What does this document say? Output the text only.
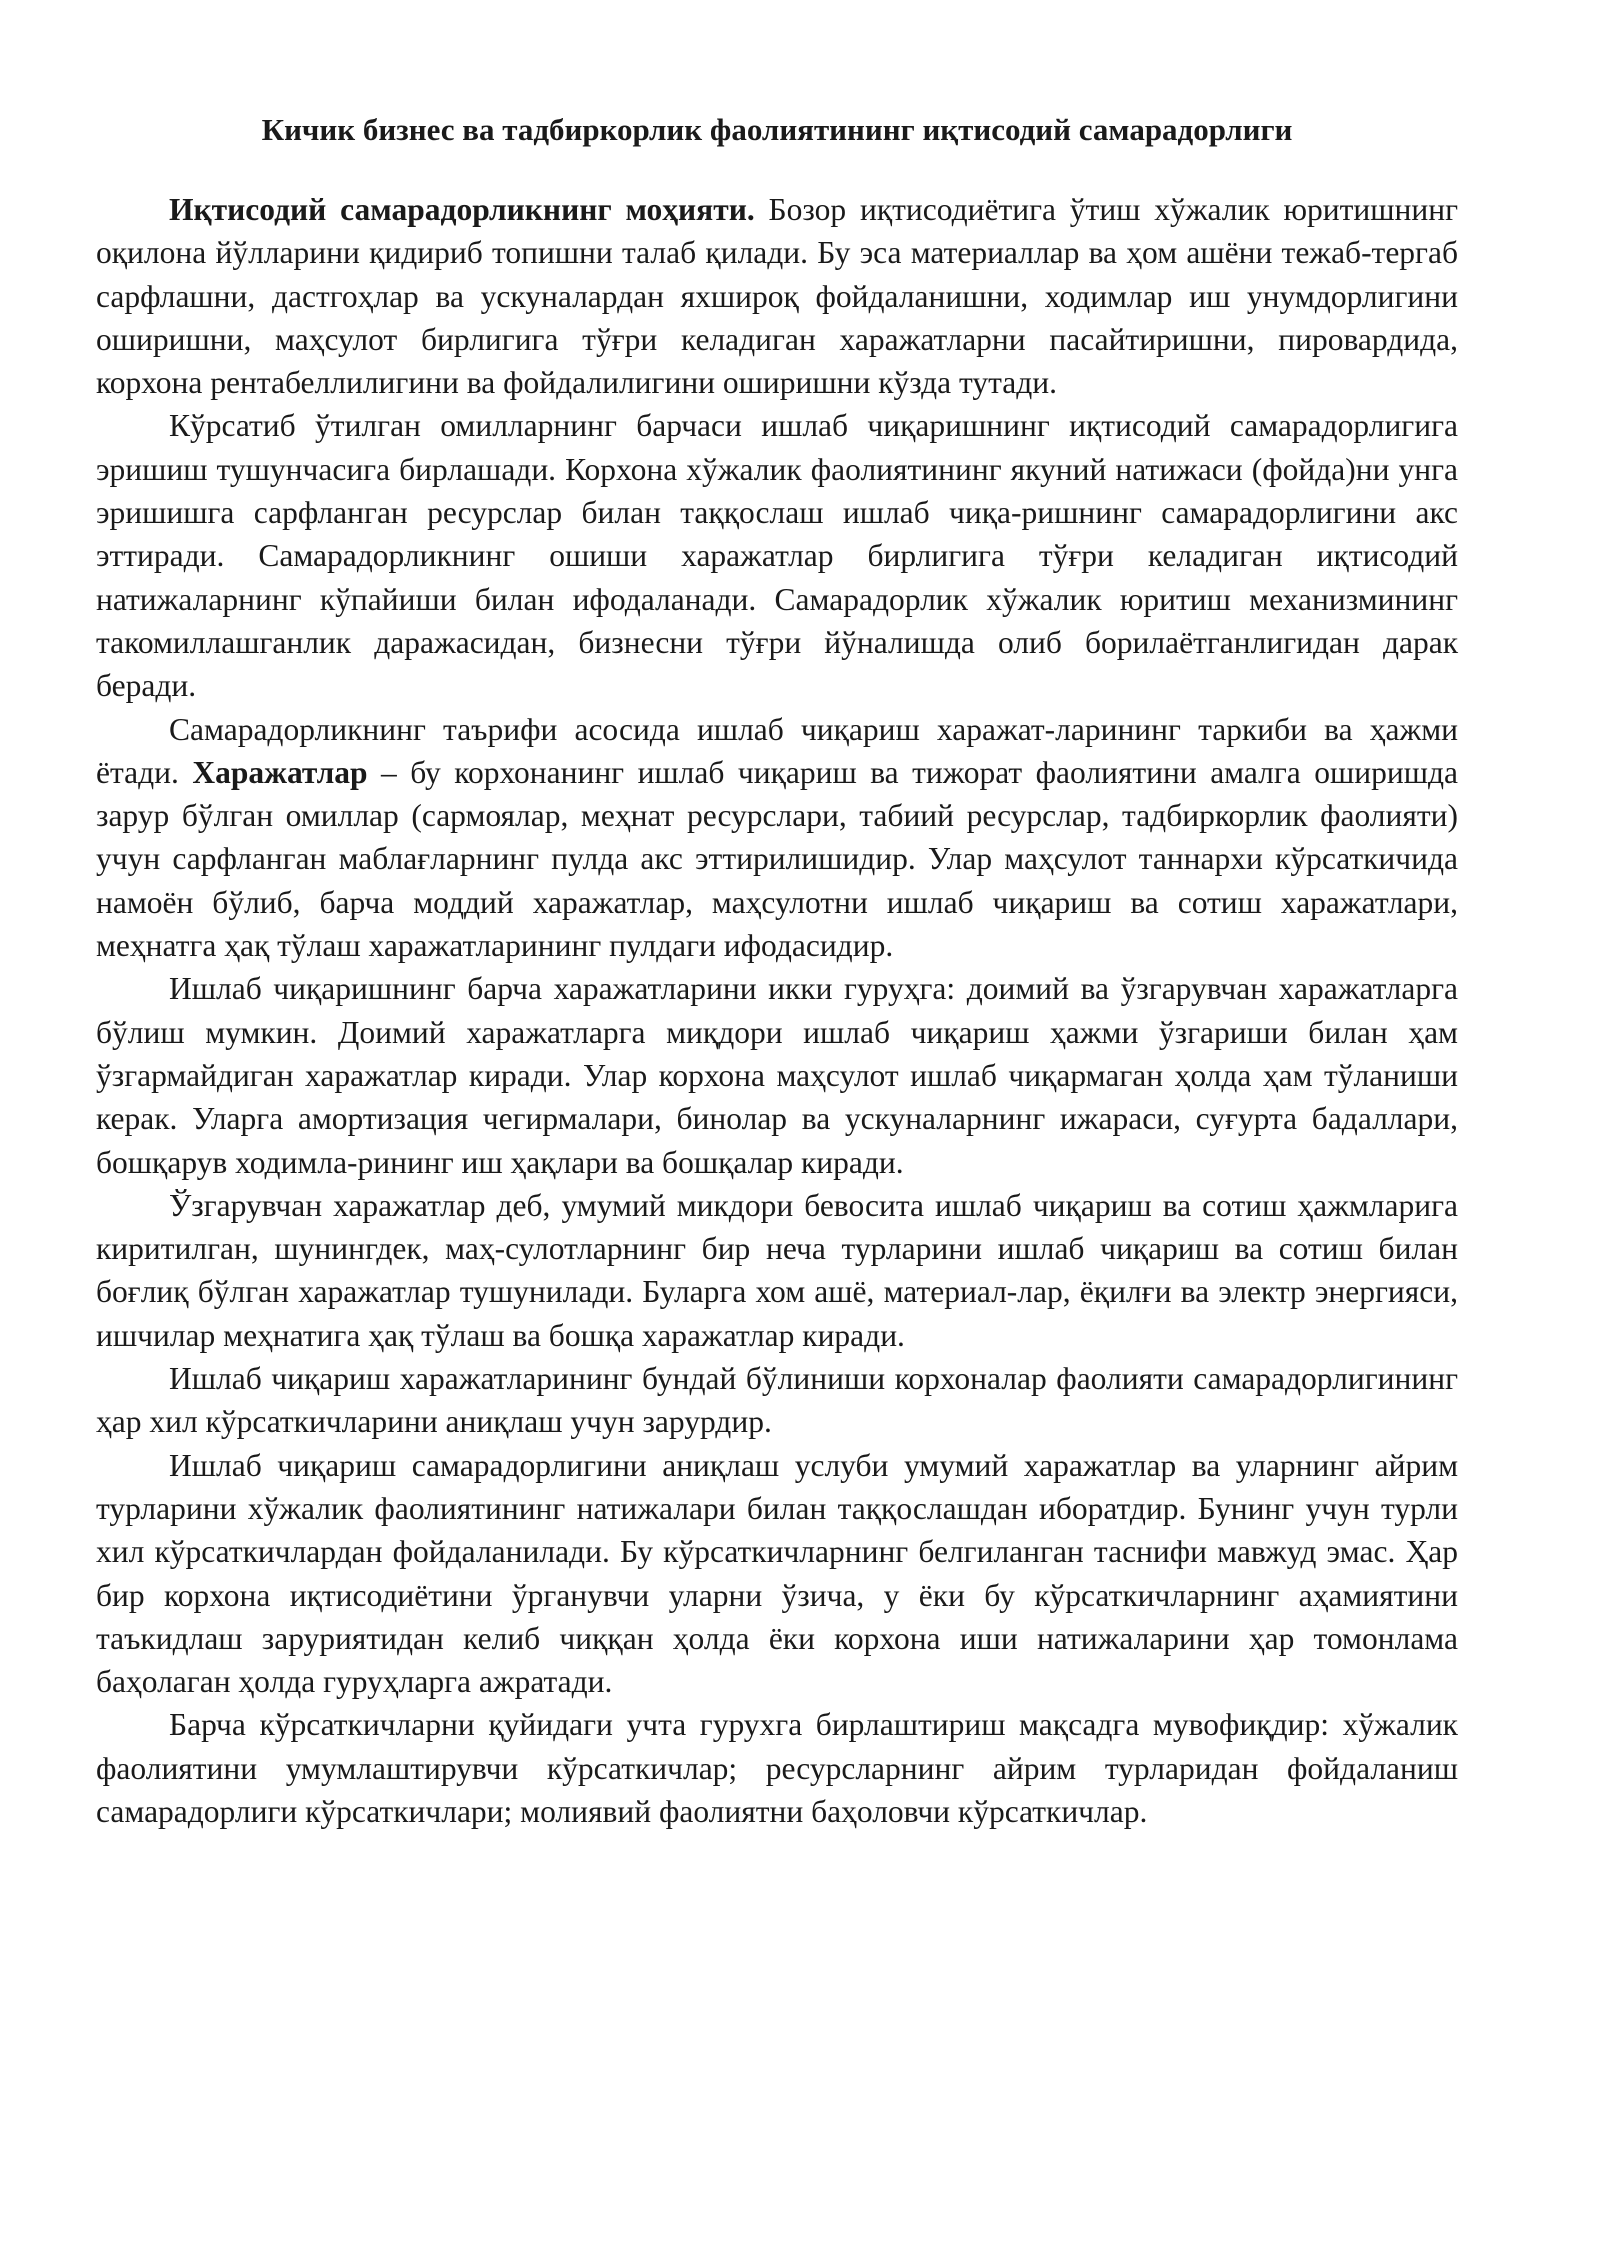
Кичик бизнес ва тадбиркорлик фаолиятининг иқтисодий самарадорлиги

Иқтисодий самарадорликнинг моҳияти. Бозор иқтисодиётига ўтиш хўжалик юритишнинг оқилона йўлларини қидириб топишни талаб қилади. Бу эса материаллар ва ҳом ашёни тежаб-тергаб сарфлашни, дастгоҳлар ва ускуналардан яхшироқ фойдаланишни, ходимлар иш унумдорлигини оширишни, маҳсулот бирлигига тўғри келадиган харажатларни пасайтиришни, пировардида, корхона рентабеллилигини ва фойдалилигини оширишни кўзда тутади.

Кўрсатиб ўтилган омилларнинг барчаси ишлаб чиқаришнинг иқтисодий самарадорлигига эришиш тушунчасига бирлашади. Корхона хўжалик фаолиятининг якуний натижаси (фойда)ни унга эришишга сарфланган ресурслар билан таққослаш ишлаб чиқа-ришнинг самарадорлигини акс эттиради. Самарадорликнинг ошиши харажатлар бирлигига тўғри келадиган иқтисодий натижаларнинг кўпайиши билан ифодаланади. Самарадорлик хўжалик юритиш механизмининг такомиллашганлик даражасидан, бизнесни тўғри йўналишда олиб борилаётганлигидан дарак беради.

Самарадорликнинг таърифи асосида ишлаб чиқариш харажат-ларининг таркиби ва ҳажми ётади. Харажатлар – бу корхонанинг ишлаб чиқариш ва тижорат фаолиятини амалга оширишда зарур бўлган омиллар (сармоялар, меҳнат ресурслари, табиий ресурслар, тадбиркорлик фаолияти) учун сарфланган маблағларнинг пулда акс эттирилишидир. Улар маҳсулот таннархи кўрсаткичида намоён бўлиб, барча моддий харажатлар, маҳсулотни ишлаб чиқариш ва сотиш харажатлари, меҳнатга ҳақ тўлаш харажатларининг пулдаги ифодасидир.

Ишлаб чиқаришнинг барча харажатларини икки гуруҳга: доимий ва ўзгарувчан харажатларга бўлиш мумкин. Доимий харажатларга миқдори ишлаб чиқариш ҳажми ўзгариши билан ҳам ўзгармайдиган харажатлар киради. Улар корхона маҳсулот ишлаб чиқармаган ҳолда ҳам тўланиши керак. Уларга амортизация чегирмалари, бинолар ва ускуналарнинг ижараси, суғурта бадаллари, бошқарув ходимла-рининг иш ҳақлари ва бошқалар киради.

Ўзгарувчан харажатлар деб, умумий микдори бевосита ишлаб чиқариш ва сотиш ҳажмларига киритилган, шунингдек, маҳ-сулотларнинг бир неча турларини ишлаб чиқариш ва сотиш билан боғлиқ бўлган харажатлар тушунилади. Буларга хом ашё, материал-лар, ёқилғи ва электр энергияси, ишчилар меҳнатига ҳақ тўлаш ва бошқа харажатлар киради.

Ишлаб чиқариш харажатларининг бундай бўлиниши корхоналар фаолияти самарадорлигининг ҳар хил кўрсаткичларини аниқлаш учун зарурдир.

Ишлаб чиқариш самарадорлигини аниқлаш услуби умумий харажатлар ва уларнинг айрим турларини хўжалик фаолиятининг натижалари билан таққослашдан иборатдир. Бунинг учун турли хил кўрсаткичлардан фойдаланилади. Бу кўрсаткичларнинг белгиланган таснифи мавжуд эмас. Ҳар бир корхона иқтисодиётини ўрганувчи уларни ўзича, у ёки бу кўрсаткичларнинг аҳамиятини таъкидлаш заруриятидан келиб чиққан ҳолда ёки корхона иши натижаларини ҳар томонлама баҳолаган ҳолда гуруҳларга ажратади.

Барча кўрсаткичларни қуйидаги учта гурухга бирлаштириш мақсадга мувофиқдир: хўжалик фаолиятини умумлаштирувчи кўрсаткичлар; ресурсларнинг айрим турларидан фойдаланиш самарадорлиги кўрсаткичлари; молиявий фаолиятни баҳоловчи кўрсаткичлар.
